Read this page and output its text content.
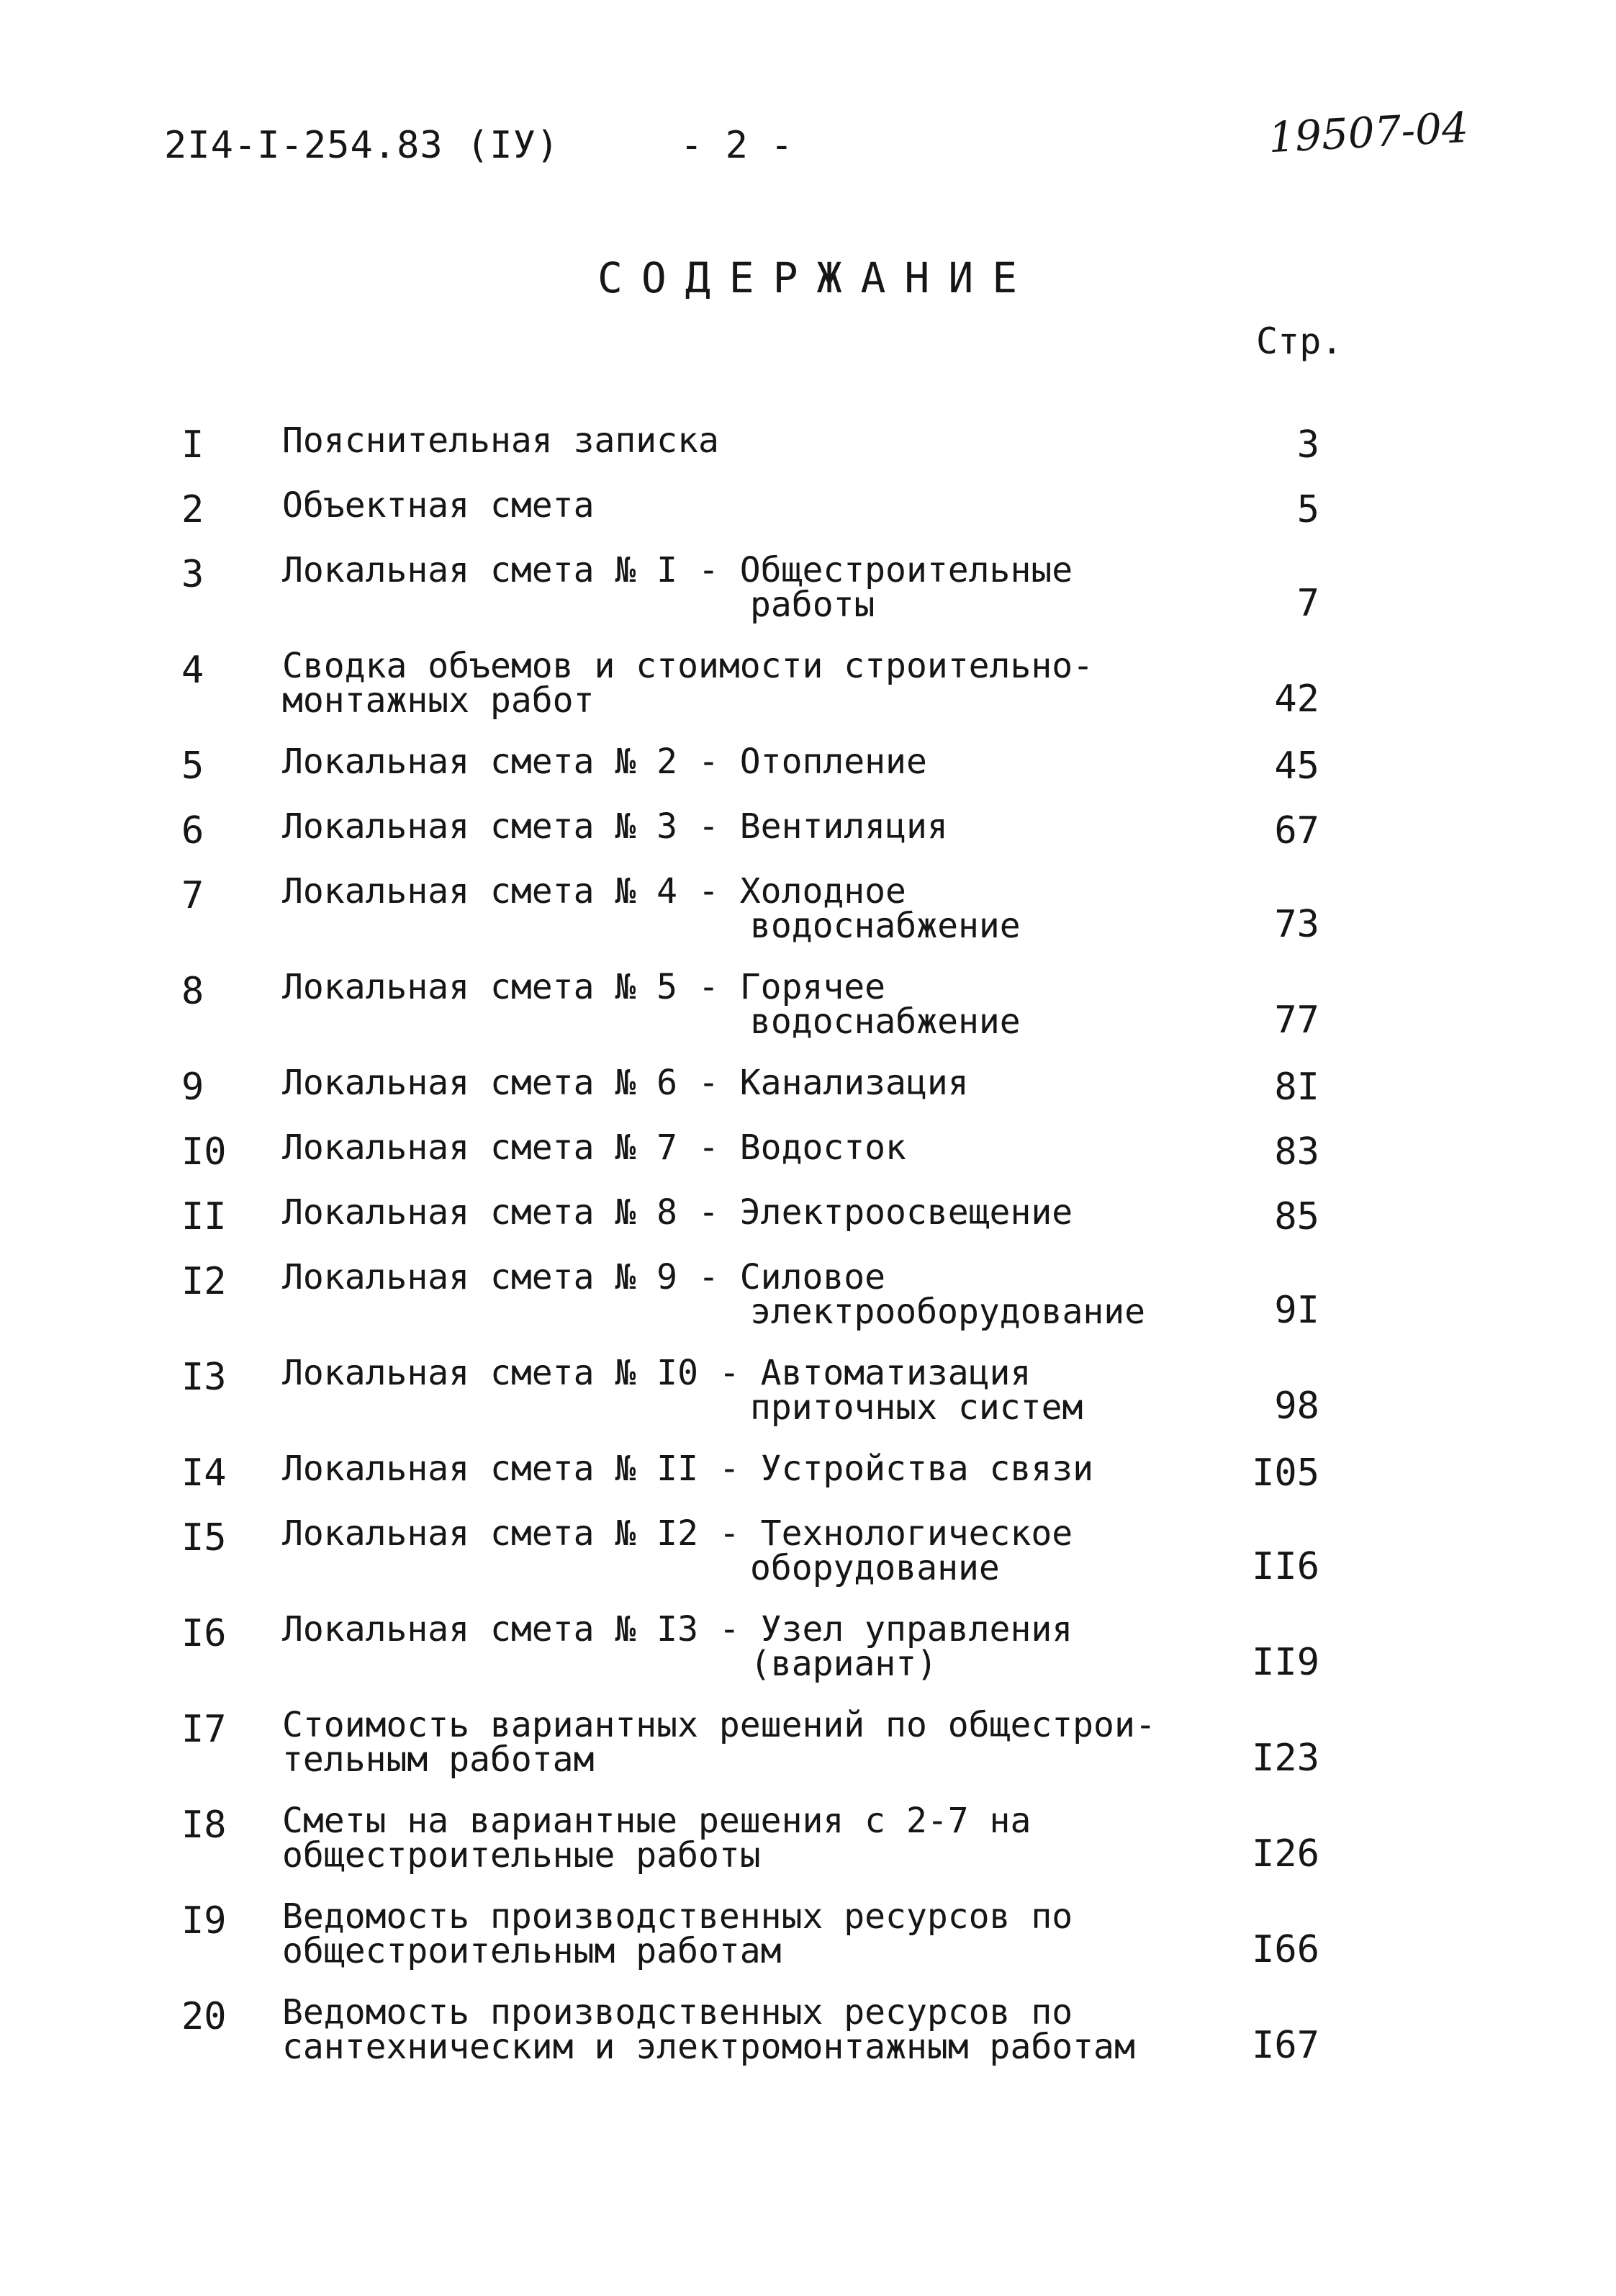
2I4-I-254.83 (IУ)	- 2 -	19507-04
СОДЕРЖАНИЕ
Стр.
I Пояснительная записка	3
2 Объектная смета	5
3 Локальная смета № I - Общестроительные
работы	7
4 Сводка объемов и стоимости строительно-
монтажных работ	42
5 Локальная смета № 2 - Отопление	45
6 Локальная смета № 3 - Вентиляция	67
7 Локальная смета № 4 - Холодное
водоснабжение	73
8 Локальная смета № 5 - Горячее
водоснабжение	77
9 Локальная смета № 6 - Канализация	8I
I0 Локальная смета № 7 - Водосток	83
II Локальная смета № 8 - Электроосвещение	85
I2 Локальная смета № 9 - Силовое
электрооборудование	9I
I3 Локальная смета № I0 - Автоматизация
приточных систем	98
I4 Локальная смета № II - Устройства связи	I05
I5 Локальная смета № I2 - Технологическое
оборудование	II6
I6 Локальная смета № I3 - Узел управления
(вариант)	II9
I7 Стоимость вариантных решений по общестрои-
тельным работам	I23
I8 Сметы на вариантные решения с 2-7 на
общестроительные работы	I26
I9 Ведомость производственных ресурсов по
общестроительным работам	I66
20 Ведомость производственных ресурсов по
сантехническим и электромонтажным работам	I67
